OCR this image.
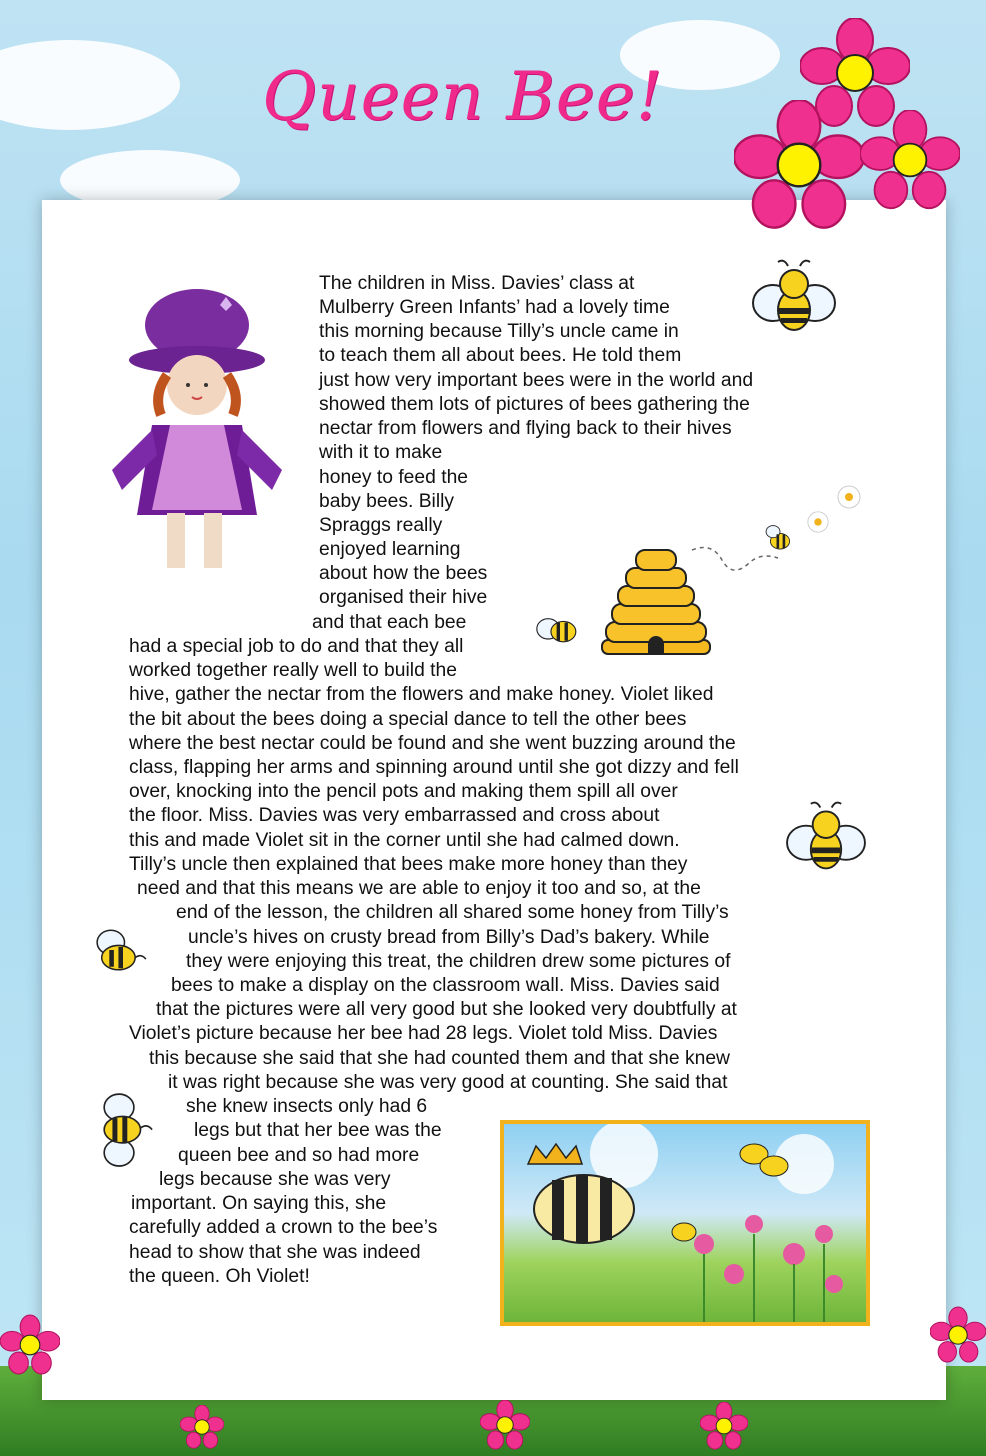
Queen Bee!
The children in Miss. Davies’ class at
Mulberry Green Infants’ had a lovely time
this morning because Tilly’s uncle came in
to teach them all about bees. He told them
just how very important bees were in the world and
showed them lots of pictures of bees gathering the
nectar from flowers and flying back to their hives
with it to make
honey to feed the
baby bees. Billy
Spraggs really
enjoyed learning
about how the bees
organised their hive
and that each bee
had a special job to do and that they all
worked together really well to build the
hive, gather the nectar from the flowers and make honey. Violet liked
the bit about the bees doing a special dance to tell the other bees
where the best nectar could be found and she went buzzing around the
class, flapping her arms and spinning around until she got dizzy and fell
over, knocking into the pencil pots and making them spill all over
the floor. Miss. Davies was very embarrassed and cross about
this and made Violet sit in the corner until she had calmed down.
Tilly’s uncle then explained that bees make more honey than they
need and that this means we are able to enjoy it too and so, at the
end of the lesson, the children all shared some honey from Tilly’s
uncle’s hives on crusty bread from Billy’s Dad’s bakery. While
they were enjoying this treat, the children drew some pictures of
bees to make a display on the classroom wall. Miss. Davies said
that the pictures were all very good but she looked very doubtfully at
Violet’s picture because her bee had 28 legs. Violet told Miss. Davies
this because she said that she had counted them and that she knew
it was right because she was very good at counting. She said that
she knew insects only had 6
legs but that her bee was the
queen bee and so had more
legs because she was very
important. On saying this, she
carefully added a crown to the bee’s
head to show that she was indeed
the queen. Oh Violet!
